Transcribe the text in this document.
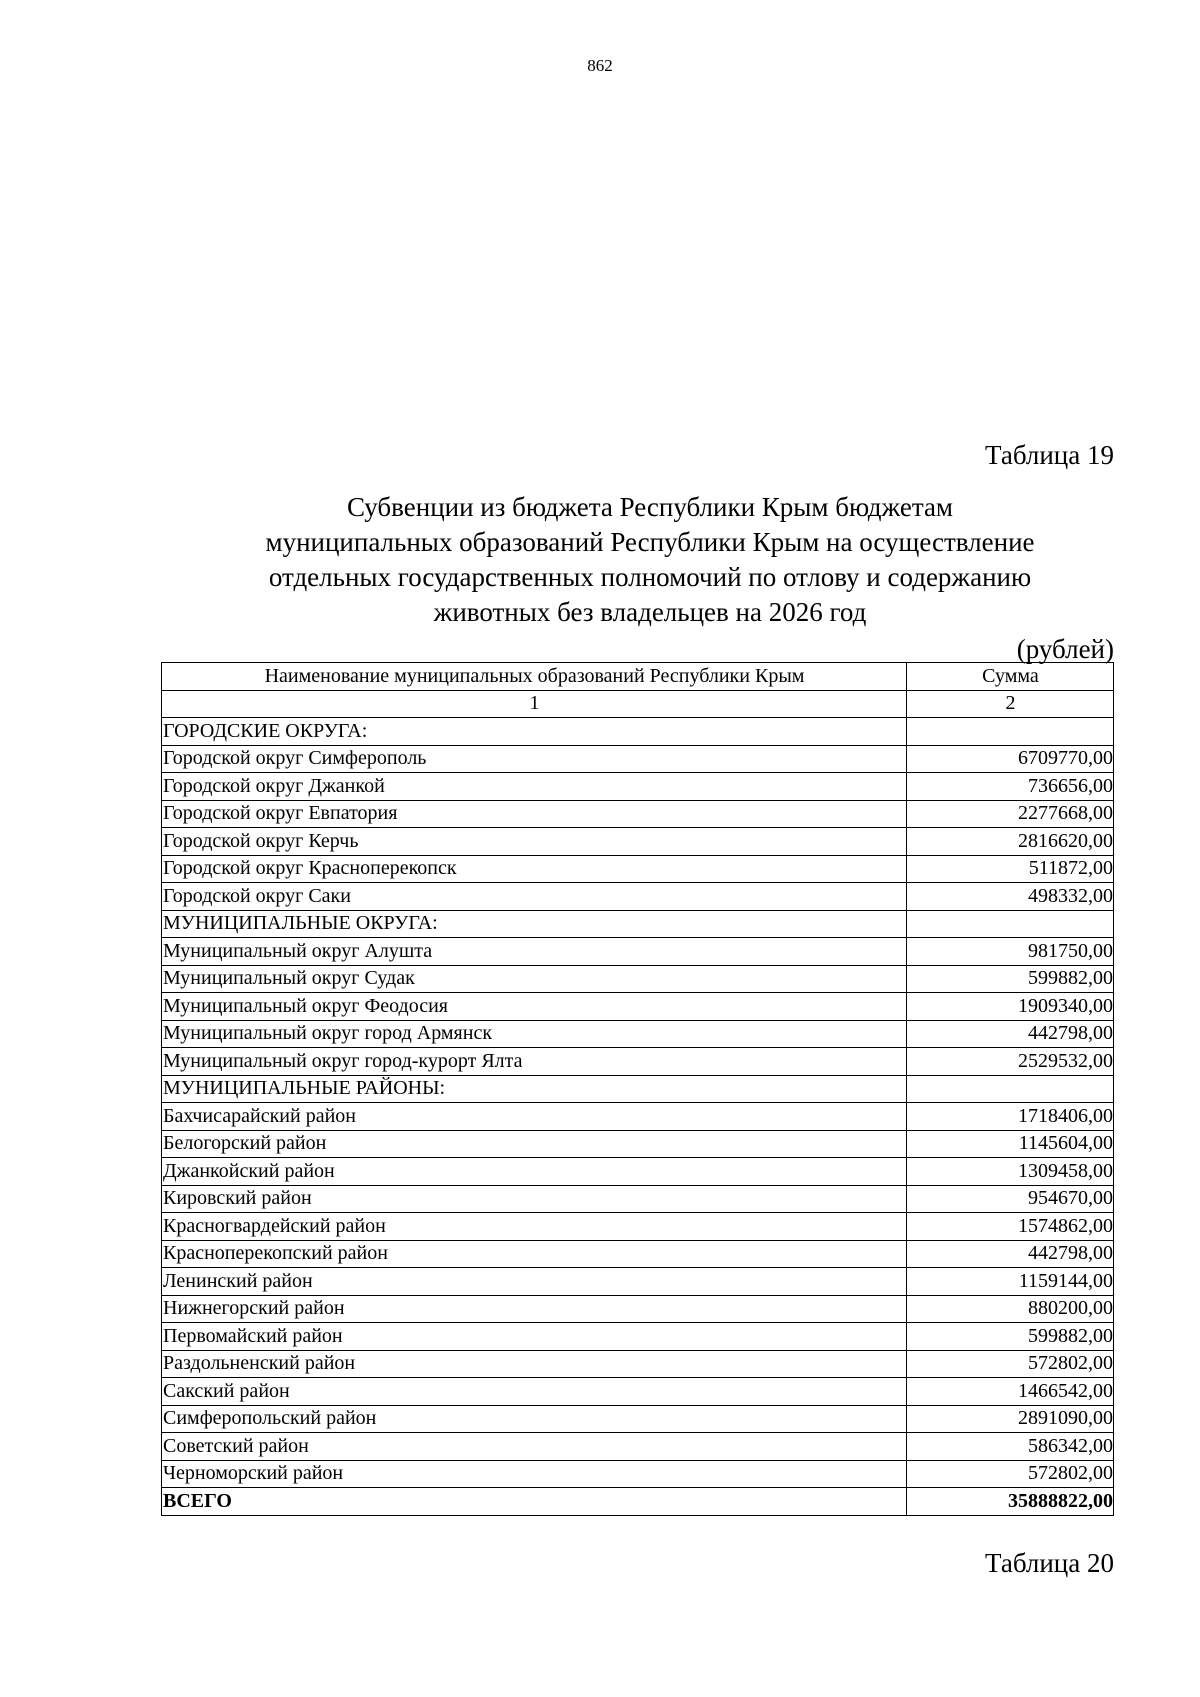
862

Таблица 19

Субвенции из бюджета Республики Крым бюджетам
муниципальных образований Республики Крым на осуществление
отдельных государственных полномочий по отлову и содержанию
животных без владельцев на 2026 год
(рублей)
Наименование муниципальных образований Республики Крым	Сумма
1	2
ГОРОДСКИЕ ОКРУГА:	
Городской округ Симферополь	6709770,00
Городской округ Джанкой	736656,00
Городской округ Евпатория	2277668,00
Городской округ Керчь	2816620,00
Городской округ Красноперекопск	511872,00
Городской округ Саки	498332,00
МУНИЦИПАЛЬНЫЕ ОКРУГА:	
Муниципальный округ Алушта	981750,00
Муниципальный округ Судак	599882,00
Муниципальный округ Феодосия	1909340,00
Муниципальный округ город Армянск	442798,00
Муниципальный округ город-курорт Ялта	2529532,00
МУНИЦИПАЛЬНЫЕ РАЙОНЫ:	
Бахчисарайский район	1718406,00
Белогорский район	1145604,00
Джанкойский район	1309458,00
Кировский район	954670,00
Красногвардейский район	1574862,00
Красноперекопский район	442798,00
Ленинский район	1159144,00
Нижнегорский район	880200,00
Первомайский район	599882,00
Раздольненский район	572802,00
Сакский район	1466542,00
Симферопольский район	2891090,00
Советский район	586342,00
Черноморский район	572802,00
ВСЕГО	35888822,00

Таблица 20
